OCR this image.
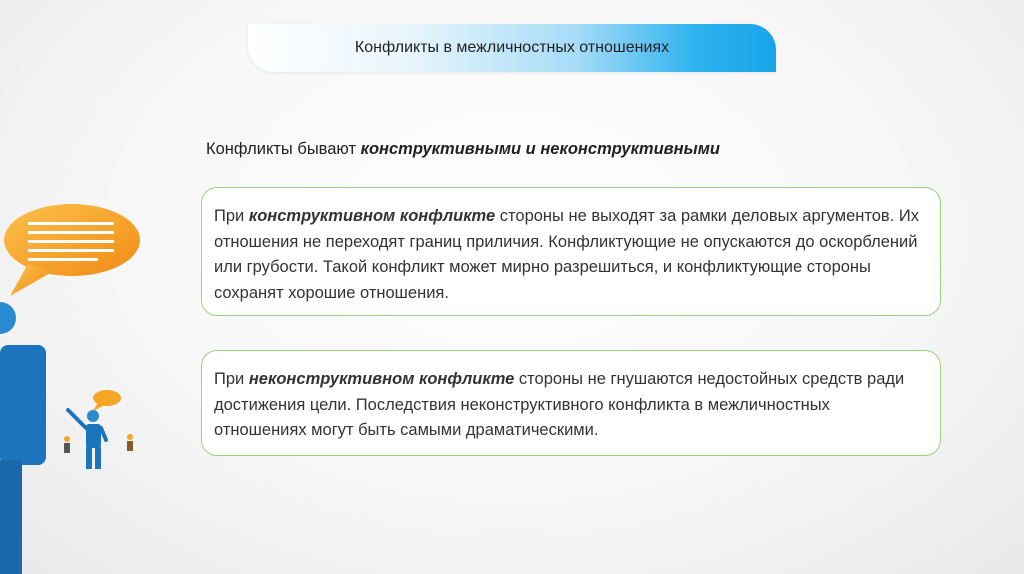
Конфликты в межличностных отношениях
Конфликты бывают конструктивными и неконструктивными

При конструктивном конфликте стороны не выходят за рамки деловых аргументов. Их отношения не переходят границ приличия. Конфликтующие не опускаются до оскорблений или грубости. Такой конфликт может мирно разрешиться, и конфликтующие стороны сохранят хорошие отношения.

При неконструктивном конфликте стороны не гнушаются недостойных средств ради достижения цели. Последствия неконструктивного конфликта в межличностных отношениях могут быть самыми драматическими.
